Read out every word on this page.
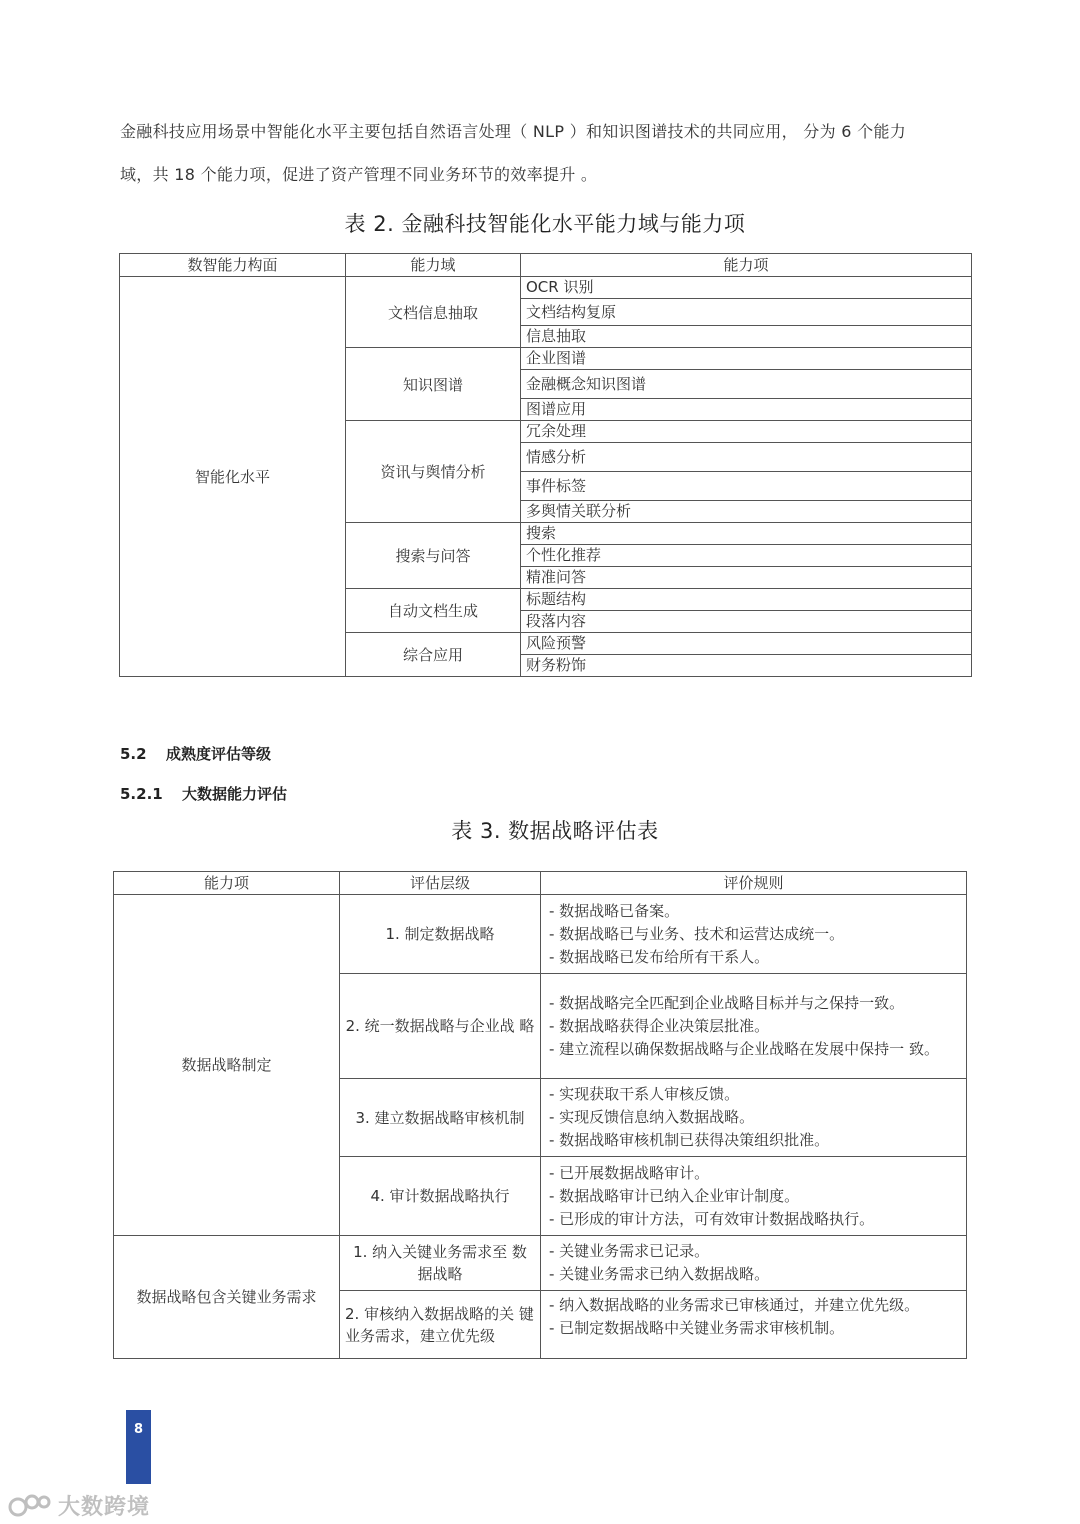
金融科技应用场景中智能化水平主要包括自然语言处理（ NLP ）和知识图谱技术的共同应用， 分为 6 个能力

域，共 18 个能力项，促进了资产管理不同业务环节的效率提升 。

表 2. 金融科技智能化水平能力域与能力项
数智能力构面	能力域	能力项
智能化水平	文档信息抽取	OCR 识别
		文档结构复原
		信息抽取
	知识图谱	企业图谱
		金融概念知识图谱
		图谱应用
	资讯与舆情分析	冗余处理
		情感分析
		事件标签
		多舆情关联分析
	搜索与问答	搜索
		个性化推荐
		精准问答
	自动文档生成	标题结构
		段落内容
	综合应用	风险预警
		财务粉饰
5.2 成熟度评估等级
5.2.1 大数据能力评估
表 3. 数据战略评估表
能力项	评估层级	评价规则
数据战略制定	1. 制定数据战略	- 数据战略已备案。
- 数据战略已与业务、技术和运营达成统一。
- 数据战略已发布给所有干系人。

	2. 统一数据战略与企业战 略	- 数据战略完全匹配到企业战略目标并与之保持一致。
- 数据战略获得企业决策层批准。
- 建立流程以确保数据战略与企业战略在发展中保持一 致。

	3. 建立数据战略审核机制	- 实现获取干系人审核反馈。
- 实现反馈信息纳入数据战略。
- 数据战略审核机制已获得决策组织批准。

	4. 审计数据战略执行	- 已开展数据战略审计。
- 数据战略审计已纳入企业审计制度。
- 已形成的审计方法，可有效审计数据战略执行。

数据战略包含关键业务需求	1. 纳入关键业务需求至 数 据战略	- 关键业务需求已记录。
- 关键业务需求已纳入数据战略。

	2. 审核纳入数据战略的关 键业务需求，建立优先级	- 纳入数据战略的业务需求已审核通过，并建立优先级。
- 已制定数据战略中关键业务需求审核机制。
8
大数跨境
